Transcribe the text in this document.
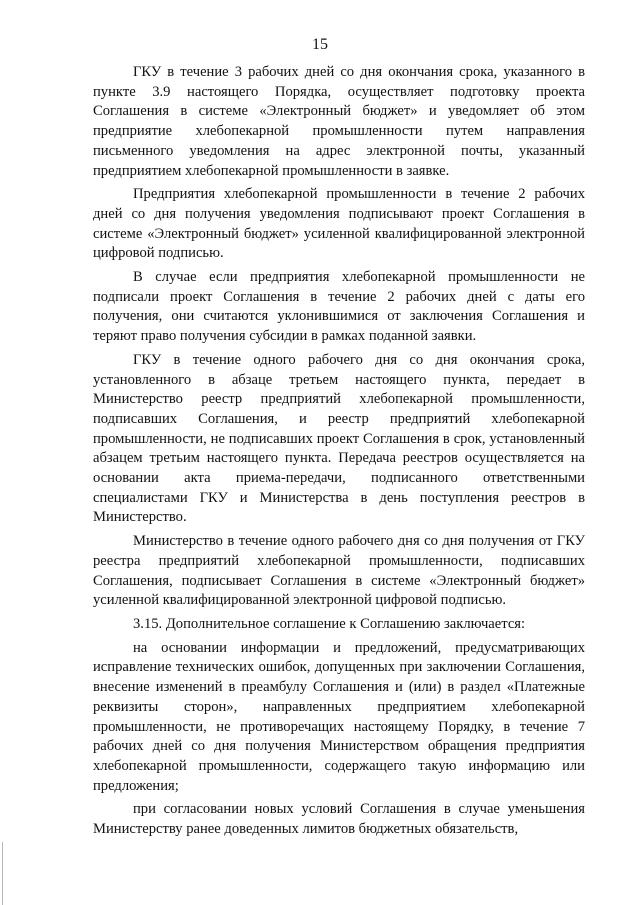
15

ГКУ в течение 3 рабочих дней со дня окончания срока, указанного в пункте 3.9 настоящего Порядка, осуществляет подготовку проекта Соглашения в системе «Электронный бюджет» и уведомляет об этом предприятие хлебопекарной промышленности путем направления письменного уведомления на адрес электронной почты, указанный предприятием хлебопекарной промышленности в заявке.

Предприятия хлебопекарной промышленности в течение 2 рабочих дней со дня получения уведомления подписывают проект Соглашения в системе «Электронный бюджет» усиленной квалифицированной электронной цифровой подписью.

В случае если предприятия хлебопекарной промышленности не подписали проект Соглашения в течение 2 рабочих дней с даты его получения, они считаются уклонившимися от заключения Соглашения и теряют право получения субсидии в рамках поданной заявки.

ГКУ в течение одного рабочего дня со дня окончания срока, установленного в абзаце третьем настоящего пункта, передает в Министерство реестр предприятий хлебопекарной промышленности, подписавших Соглашения, и реестр предприятий хлебопекарной промышленности, не подписавших проект Соглашения в срок, установленный абзацем третьим настоящего пункта. Передача реестров осуществляется на основании акта приема-передачи, подписанного ответственными специалистами ГКУ и Министерства в день поступления реестров в Министерство.

Министерство в течение одного рабочего дня со дня получения от ГКУ реестра предприятий хлебопекарной промышленности, подписавших Соглашения, подписывает Соглашения в системе «Электронный бюджет» усиленной квалифицированной электронной цифровой подписью.

3.15. Дополнительное соглашение к Соглашению заключается:

на основании информации и предложений, предусматривающих исправление технических ошибок, допущенных при заключении Соглашения, внесение изменений в преамбулу Соглашения и (или) в раздел «Платежные реквизиты сторон», направленных предприятием хлебопекарной промышленности, не противоречащих настоящему Порядку, в течение 7 рабочих дней со дня получения Министерством обращения предприятия хлебопекарной промышленности, содержащего такую информацию или предложения;

при согласовании новых условий Соглашения в случае уменьшения Министерству ранее доведенных лимитов бюджетных обязательств,
